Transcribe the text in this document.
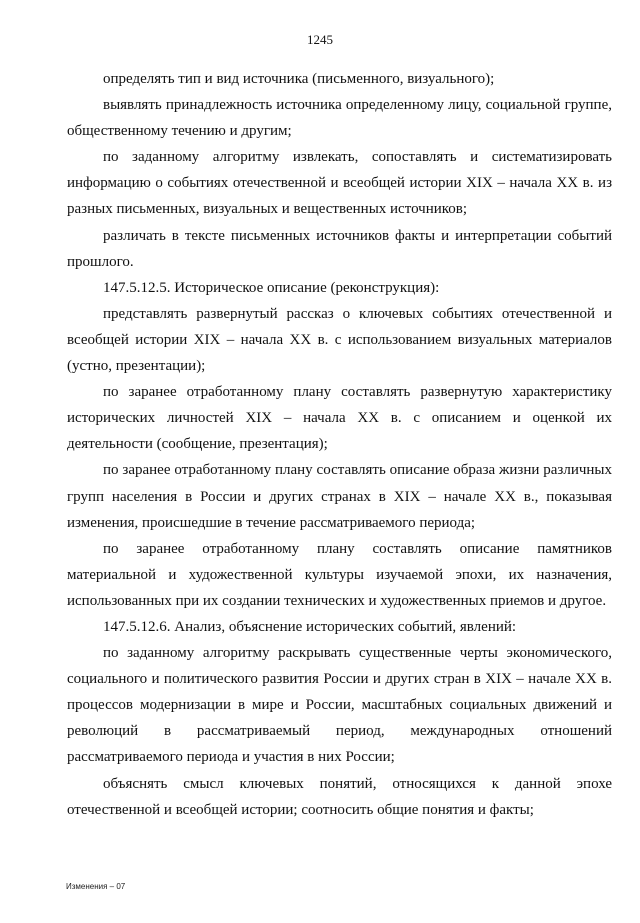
1245

определять тип и вид источника (письменного, визуального);

выявлять принадлежность источника определенному лицу, социальной группе, общественному течению и другим;

по заданному алгоритму извлекать, сопоставлять и систематизировать информацию о событиях отечественной и всеобщей истории XIX – начала XX в. из разных письменных, визуальных и вещественных источников;

различать в тексте письменных источников факты и интерпретации событий прошлого.

147.5.12.5. Историческое описание (реконструкция):

представлять развернутый рассказ о ключевых событиях отечественной и всеобщей истории XIX – начала XX в. с использованием визуальных материалов (устно, презентации);

по заранее отработанному плану составлять развернутую характеристику исторических личностей XIX – начала XX в. с описанием и оценкой их деятельности (сообщение, презентация);

по заранее отработанному плану составлять описание образа жизни различных групп населения в России и других странах в XIX – начале XX в., показывая изменения, происшедшие в течение рассматриваемого периода;

по заранее отработанному плану составлять описание памятников материальной и художественной культуры изучаемой эпохи, их назначения, использованных при их создании технических и художественных приемов и другое.

147.5.12.6. Анализ, объяснение исторических событий, явлений:

по заданному алгоритму раскрывать существенные черты экономического, социального и политического развития России и других стран в XIX – начале XX в. процессов модернизации в мире и России, масштабных социальных движений и революций в рассматриваемый период, международных отношений рассматриваемого периода и участия в них России;

объяснять смысл ключевых понятий, относящихся к данной эпохе отечественной и всеобщей истории; соотносить общие понятия и факты;

Изменения – 07
